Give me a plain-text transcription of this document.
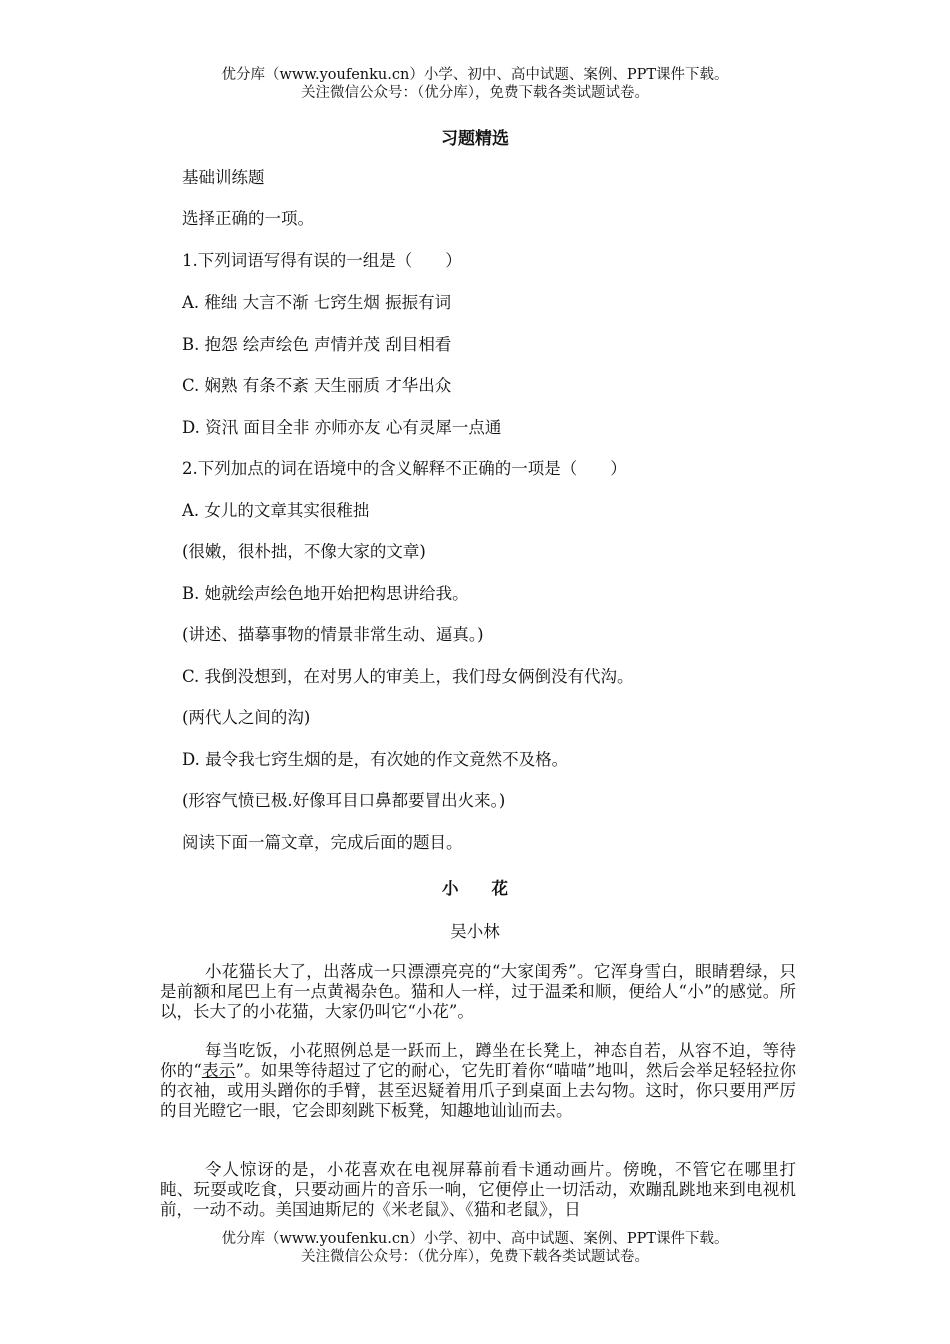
优分库（www.youfenku.cn）小学、初中、高中试题、案例、PPT课件下载。
关注微信公众号：（优分库），免费下载各类试题试卷。
习题精选
基础训练题
选择正确的一项。
1.下列词语写得有误的一组是（　　）
A. 稚绌 大言不渐 七窍生烟 振振有词
B. 抱怨 绘声绘色 声情并茂 刮目相看
C. 娴熟 有条不紊 天生丽质 才华出众
D. 资汛 面目全非 亦师亦友 心有灵犀一点通
2.下列加点的词在语境中的含义解释不正确的一项是（　　）
A. 女儿的文章其实很稚拙
(很嫩，很朴拙，不像大家的文章)
B. 她就绘声绘色地开始把构思讲给我。
(讲述、描摹事物的情景非常生动、逼真。)
C. 我倒没想到，在对男人的审美上，我们母女俩倒没有代沟。
(两代人之间的沟)
D. 最令我七窍生烟的是，有次她的作文竟然不及格。
(形容气愤已极.好像耳目口鼻都要冒出火来。)
阅读下面一篇文章，完成后面的题目。
小　　花
吴小林
小花猫长大了，出落成一只漂漂亮亮的“大家闺秀”。它浑身雪白，眼睛碧绿，只是前额和尾巴上有一点黄褐杂色。猫和人一样，过于温柔和顺，便给人“小”的感觉。所以，长大了的小花猫，大家仍叫它“小花”。
每当吃饭，小花照例总是一跃而上，蹲坐在长凳上，神态自若，从容不迫，等待你的“表示”。如果等待超过了它的耐心，它先盯着你“喵喵”地叫，然后会举足轻轻拉你的衣袖，或用头蹭你的手臂，甚至迟疑着用爪子到桌面上去勾物。这时，你只要用严厉的目光瞪它一眼，它会即刻跳下板凳，知趣地讪讪而去。
令人惊讶的是，小花喜欢在电视屏幕前看卡通动画片。傍晚，不管它在哪里打盹、玩耍或吃食，只要动画片的音乐一响，它便停止一切活动，欢蹦乱跳地来到电视机前，一动不动。美国迪斯尼的《米老鼠》、《猫和老鼠》，日
优分库（www.youfenku.cn）小学、初中、高中试题、案例、PPT课件下载。
关注微信公众号：（优分库），免费下载各类试题试卷。
